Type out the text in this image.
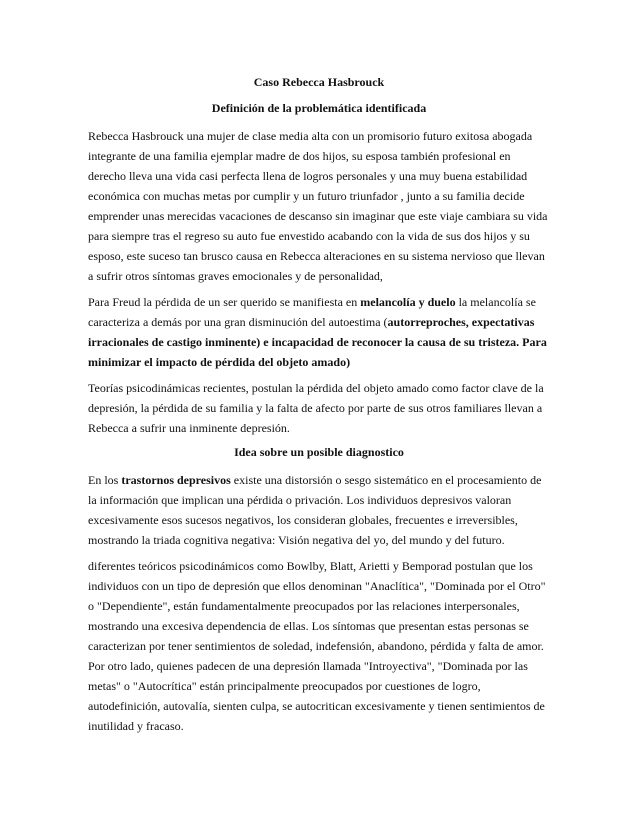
Caso Rebecca Hasbrouck
Definición de la problemática identificada

Rebecca Hasbrouck una mujer de clase media alta con un promisorio futuro exitosa abogada integrante de una familia ejemplar madre de dos hijos, su esposa también profesional en derecho lleva una vida casi perfecta llena de logros personales y una muy buena estabilidad económica con muchas metas por cumplir y un futuro triunfador , junto a su familia decide emprender unas merecidas vacaciones de descanso sin imaginar que este viaje cambiara su vida para siempre tras el regreso su auto fue envestido acabando con la vida de sus dos hijos y su esposo, este suceso tan brusco causa en Rebecca alteraciones en su sistema nervioso que llevan a sufrir otros síntomas graves emocionales y de personalidad,

Para Freud la pérdida de un ser querido se manifiesta en melancolía y duelo la melancolía se caracteriza a demás por una gran disminución del autoestima (autorreproches, expectativas irracionales de castigo inminente) e incapacidad de reconocer la causa de su tristeza. Para minimizar el impacto de pérdida del objeto amado)

Teorías psicodinámicas recientes, postulan la pérdida del objeto amado como factor clave de la depresión, la pérdida de su familia y la falta de afecto por parte de sus otros familiares llevan a Rebecca a sufrir una inminente depresión.

Idea sobre un posible diagnostico

En los trastornos depresivos existe una distorsión o sesgo sistemático en el procesamiento de la información que implican una pérdida o privación. Los individuos depresivos valoran excesivamente esos sucesos negativos, los consideran globales, frecuentes e irreversibles, mostrando la triada cognitiva negativa: Visión negativa del yo, del mundo y del futuro.

diferentes teóricos psicodinámicos como Bowlby, Blatt, Arietti y Bemporad postulan que los individuos con un tipo de depresión que ellos denominan "Anaclítica", "Dominada por el Otro" o "Dependiente", están fundamentalmente preocupados por las relaciones interpersonales, mostrando una excesiva dependencia de ellas. Los síntomas que presentan estas personas se caracterizan por tener sentimientos de soledad, indefensión, abandono, pérdida y falta de amor. Por otro lado, quienes padecen de una depresión llamada "Introyectiva", "Dominada por las metas" o "Autocrítica" están principalmente preocupados por cuestiones de logro, autodefinición, autovalía, sienten culpa, se autocritican excesivamente y tienen sentimientos de inutilidad y fracaso.
